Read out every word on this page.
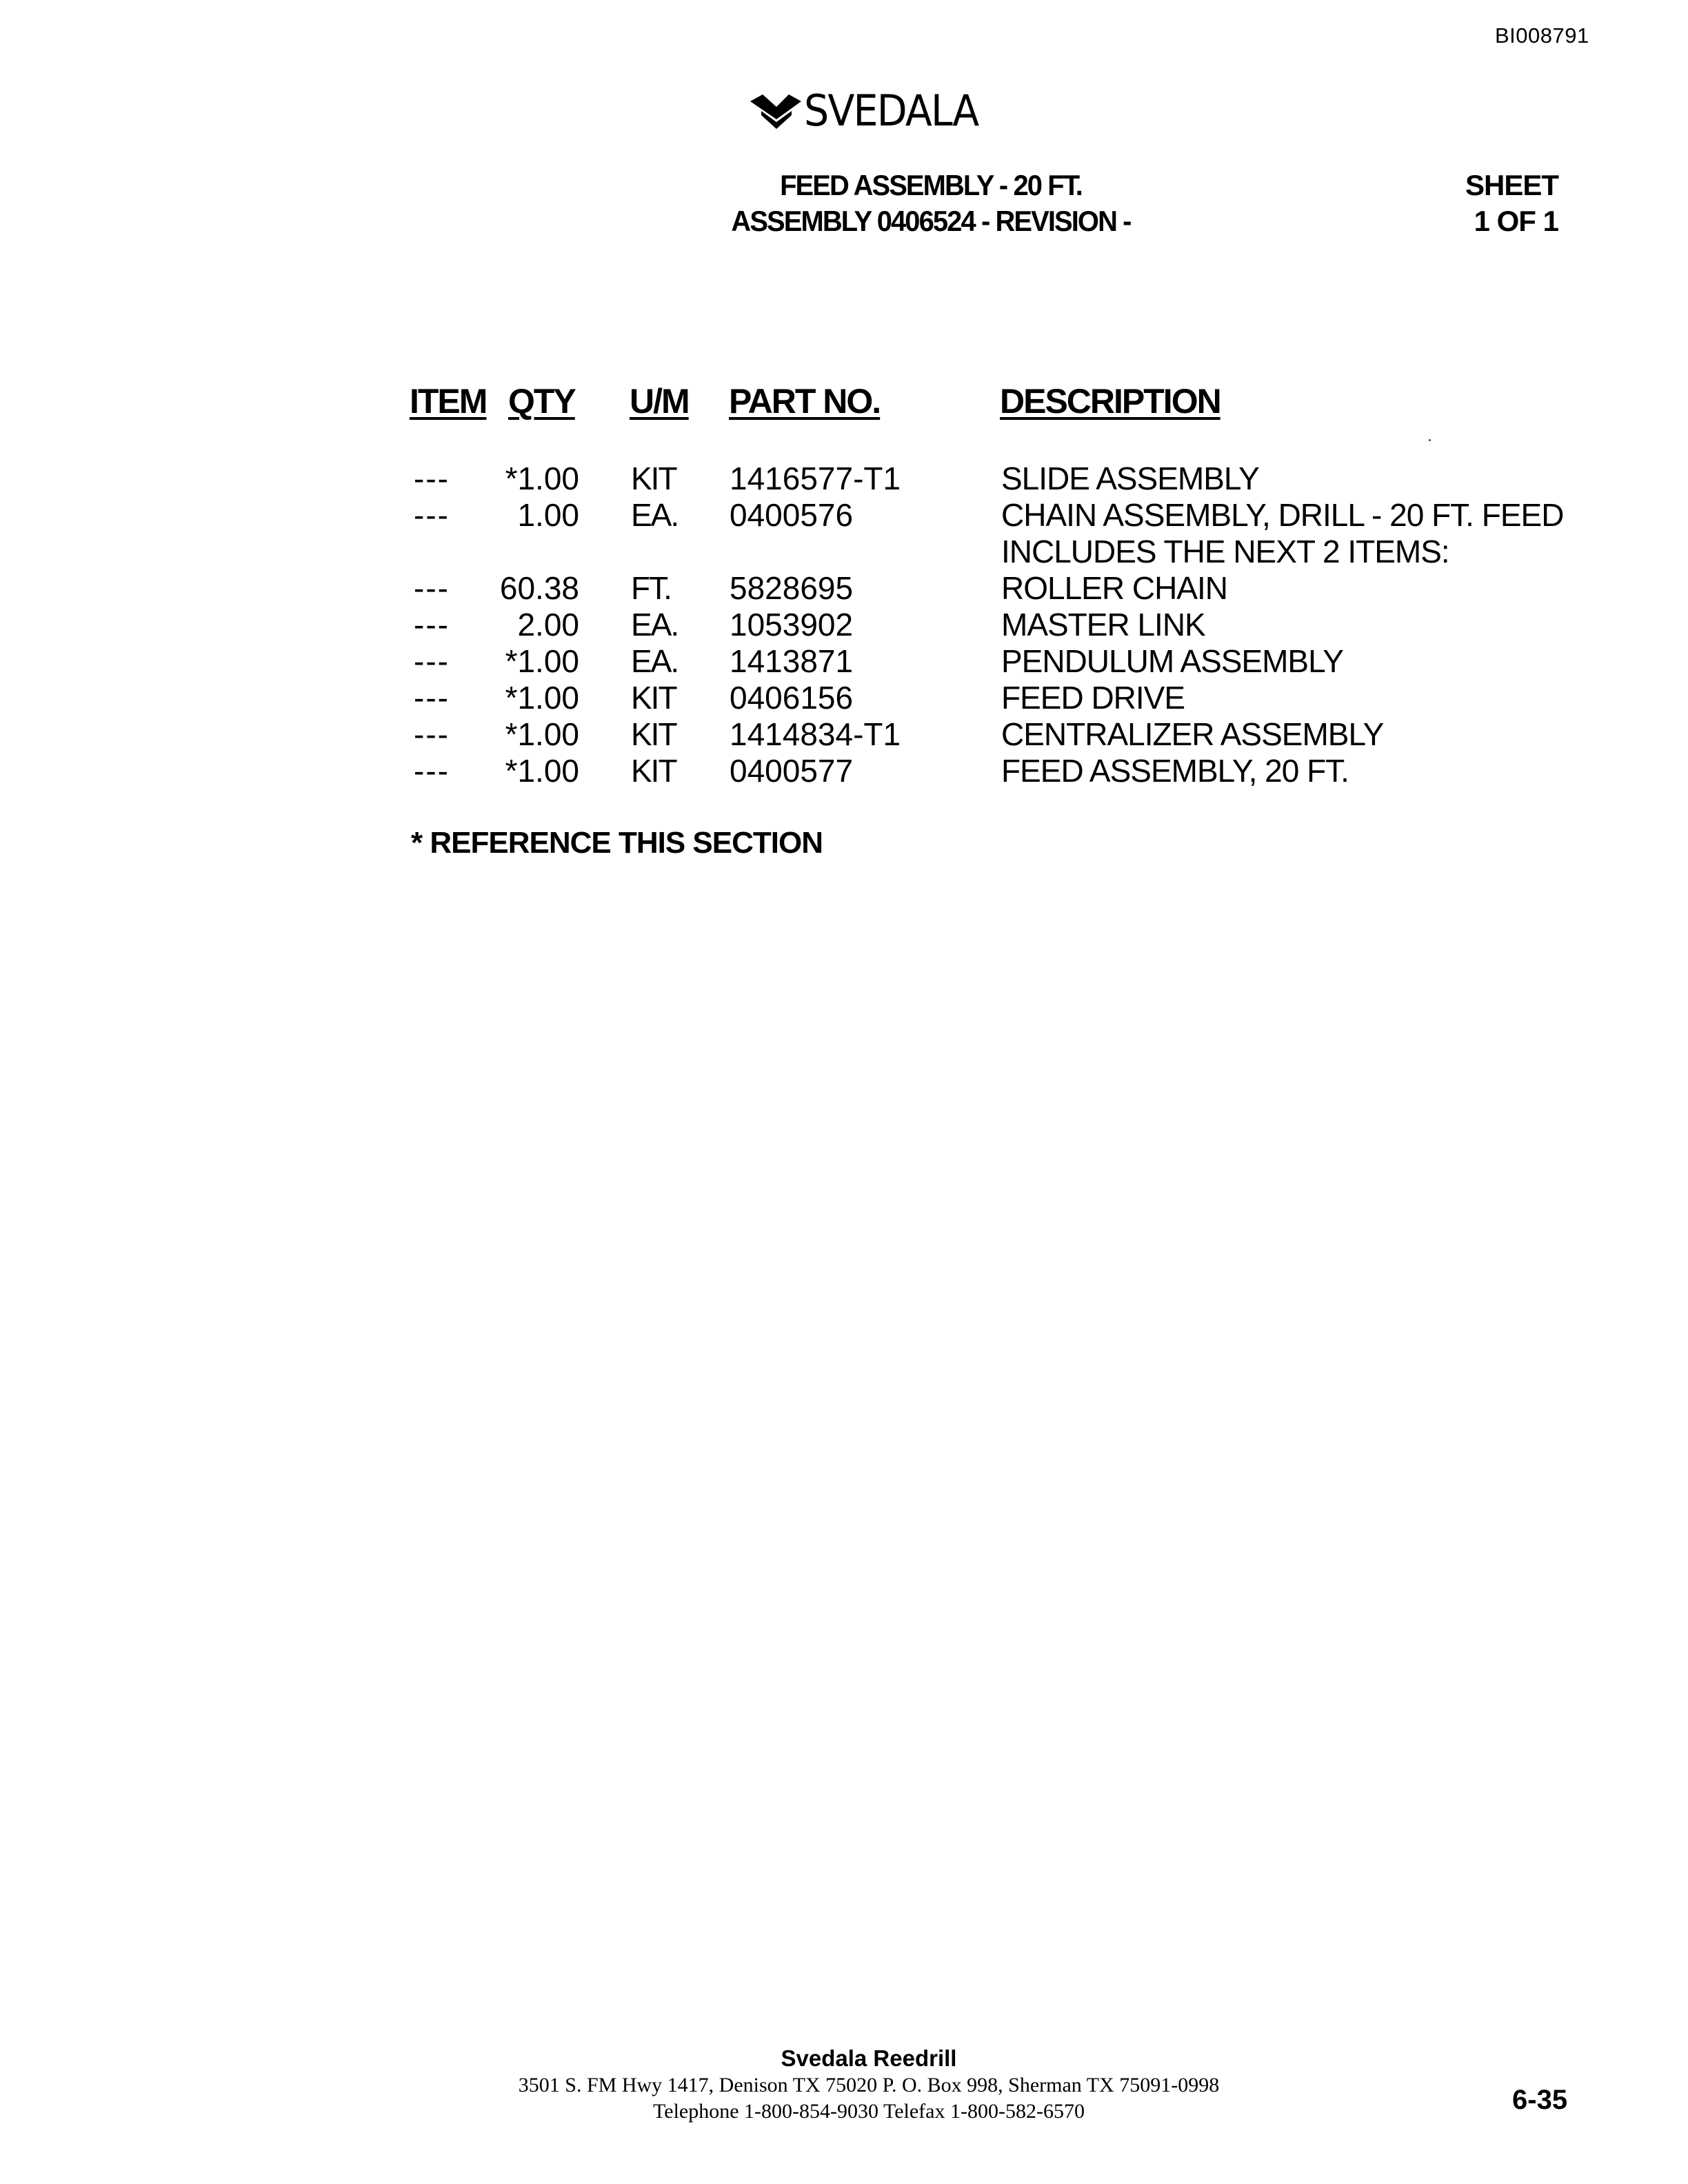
BI008791
SVEDALA
FEED ASSEMBLY - 20 FT.
ASSEMBLY 0406524 - REVISION -
SHEET
1 OF 1
ITEM QTY U/M PART NO.	DESCRIPTION
---	*1.00 KIT 1416577-T1	SLIDE ASSEMBLY
---	1.00 EA. 0400576	CHAIN ASSEMBLY, DRILL - 20 FT. FEED
INCLUDES THE NEXT 2 ITEMS:
---	60.38 FT. 5828695	ROLLER CHAIN
---	2.00 EA. 1053902	MASTER LINK
---	*1.00 EA. 1413871	PENDULUM ASSEMBLY
---	*1.00 KIT 0406156	FEED DRIVE
---	*1.00 KIT 1414834-T1	CENTRALIZER ASSEMBLY
---	*1.00 KIT 0400577	FEED ASSEMBLY, 20 FT.
* REFERENCE THIS SECTION
Svedala Reedrill
3501 S. FM Hwy 1417, Denison TX 75020 P. O. Box 998, Sherman TX 75091-0998
Telephone 1-800-854-9030 Telefax 1-800-582-6570	6-35
